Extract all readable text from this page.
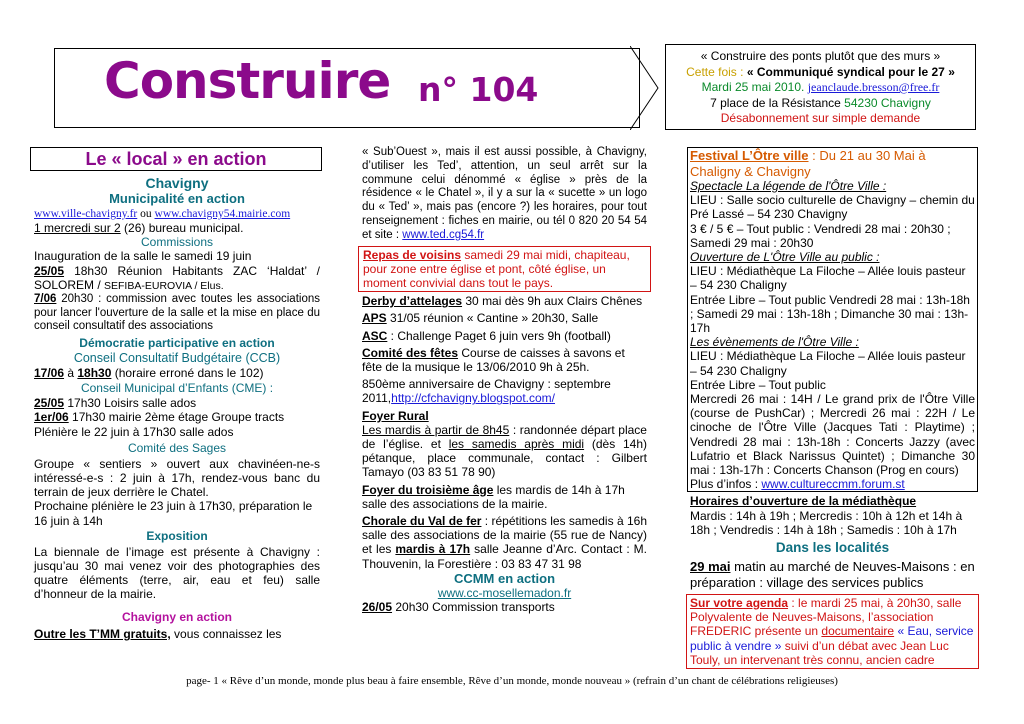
Construire n° 104
« Construire des ponts plutôt que des murs »
Cette fois : « Communiqué syndical pour le 27 »
Mardi 25 mai 2010. jeanclaude.bresson@free.fr
7 place de la Résistance 54230 Chavigny
Désabonnement sur simple demande
Le « local » en action
Chavigny
Municipalité en action
www.ville-chavigny.fr ou www.chavigny54.mairie.com
1 mercredi sur 2 (26) bureau municipal.
Commissions
Inauguration de la salle le samedi 19 juin
25/05 18h30 Réunion Habitants ZAC ‘Haldat’ / SOLOREM / SEFIBA-EUROVIA / Elus.
7/06 20h30 : commission avec toutes les associations pour lancer l'ouverture de la salle et la mise en place du conseil consultatif des associations
Démocratie participative en action
Conseil Consultatif Budgétaire (CCB)
17/06 à 18h30 (horaire erroné dans le 102)
Conseil Municipal d’Enfants (CME) :
25/05 17h30 Loisirs salle ados
1er/06 17h30 mairie 2ème étage Groupe tracts
Plénière le 22 juin à 17h30 salle ados
Comité des Sages
Groupe « sentiers » ouvert aux chavinéen-ne-s intéressé-e-s : 2 juin à 17h, rendez-vous banc du terrain de jeux derrière le Chatel.
Prochaine plénière le 23 juin à 17h30, préparation le 16 juin à 14h
Exposition
La biennale de l’image est présente à Chavigny : jusqu’au 30 mai venez voir des photographies des quatre éléments (terre, air, eau et feu) salle d’honneur de la mairie.
Chavigny en action
Outre les T’MM gratuits, vous connaissez les
« Sub’Ouest », mais il est aussi possible, à Chavigny, d’utiliser les Ted’, attention, un seul arrêt sur la commune celui dénommé « église » près de la résidence « le Chatel », il y a sur la « sucette » un logo du « Ted’ », mais pas (encore ?) les horaires, pour tout renseignement : fiches en mairie, ou tél 0 820 20 54 54 et site : www.ted.cg54.fr
Repas de voisins samedi 29 mai midi, chapiteau, pour zone entre église et pont, côté église, un moment convivial dans tout le pays.
Derby d’attelages 30 mai dès 9h aux Clairs Chênes
APS 31/05 réunion « Cantine » 20h30, Salle
ASC : Challenge Paget 6 juin vers 9h (football)
Comité des fêtes Course de caisses à savons et fête de la musique le 13/06/2010 9h à 25h.
850ème anniversaire de Chavigny : septembre 2011,http://cfchavigny.blogspot.com/
Foyer Rural
Les mardis à partir de 8h45 : randonnée départ place de l’église. et les samedis après midi (dès 14h) pétanque, place communale, contact : Gilbert Tamayo (03 83 51 78 90)
Foyer du troisième âge les mardis de 14h à 17h salle des associations de la mairie.
Chorale du Val de fer : répétitions les samedis à 16h salle des associations de la mairie (55 rue de Nancy) et les mardis à 17h salle Jeanne d’Arc. Contact : M. Thouvenin, la Forestière : 03 83 47 31 98
CCMM en action
www.cc-mosellemadon.fr
26/05 20h30 Commission transports
Festival L’Ôtre ville : Du 21 au 30 Mai à Chaligny & Chavigny
Spectacle La légende de l'Ôtre Ville :
LIEU : Salle socio culturelle de Chavigny – chemin du Pré Lassé – 54 230 Chavigny
3 € / 5 € – Tout public : Vendredi 28 mai : 20h30 ; Samedi 29 mai : 20h30
Ouverture de L'Ôtre Ville au public :
LIEU : Médiathèque La Filoche – Allée louis pasteur – 54 230 Chaligny
Entrée Libre – Tout public Vendredi 28 mai : 13h-18h ; Samedi 29 mai : 13h-18h ; Dimanche 30 mai : 13h-17h
Les évènements de l'Ôtre Ville :
LIEU : Médiathèque La Filoche – Allée louis pasteur – 54 230 Chaligny
Entrée Libre – Tout public
Mercredi 26 mai : 14H / Le grand prix de l'Ôtre Ville (course de PushCar) ; Mercredi 26 mai : 22H / Le cinoche de l'Ôtre Ville (Jacques Tati : Playtime) ; Vendredi 28 mai : 13h-18h : Concerts Jazzy (avec Lufatrio et Black Narissus Quintet) ; Dimanche 30 mai : 13h-17h : Concerts Chanson (Prog en cours)
Plus d’infos : www.cultureccmm.forum.st
Horaires d’ouverture de la médiathèque
Mardis : 14h à 19h ; Mercredis : 10h à 12h et 14h à 18h ; Vendredis : 14h à 18h ; Samedis : 10h à 17h
Dans les localités
29 mai matin au marché de Neuves-Maisons : en préparation : village des services publics
Sur votre agenda : le mardi 25 mai, à 20h30, salle Polyvalente de Neuves-Maisons, l’association FREDERIC présente un documentaire « Eau, service public à vendre » suivi d’un débat avec Jean Luc Touly, un intervenant très connu, ancien cadre
page- 1 « Rêve d’un monde, monde plus beau à faire ensemble, Rêve d’un monde, monde nouveau » (refrain d’un chant de célébrations religieuses)
